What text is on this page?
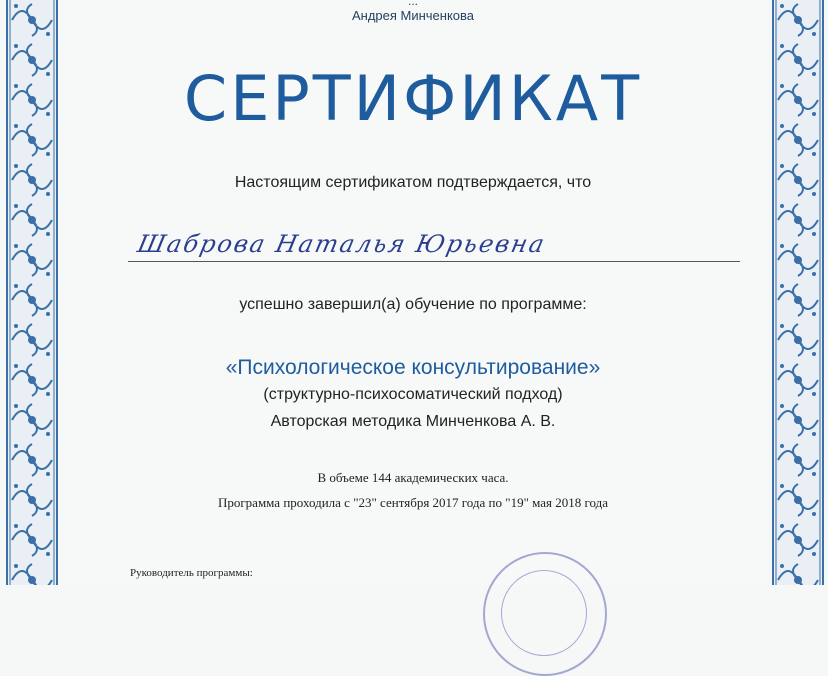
...
Андрея Минченкова
СЕРТИФИКАТ
Настоящим сертификатом подтверждается, что
Шаброва Наталья Юрьевна
успешно завершил(а) обучение по программе:
«Психологическое консультирование»
(структурно-психосоматический подход)
Авторская методика Минченкова А. В.
В объеме 144 академических часа.
Программа проходила с "23" сентября 2017 года по "19" мая 2018 года
Руководитель программы:
